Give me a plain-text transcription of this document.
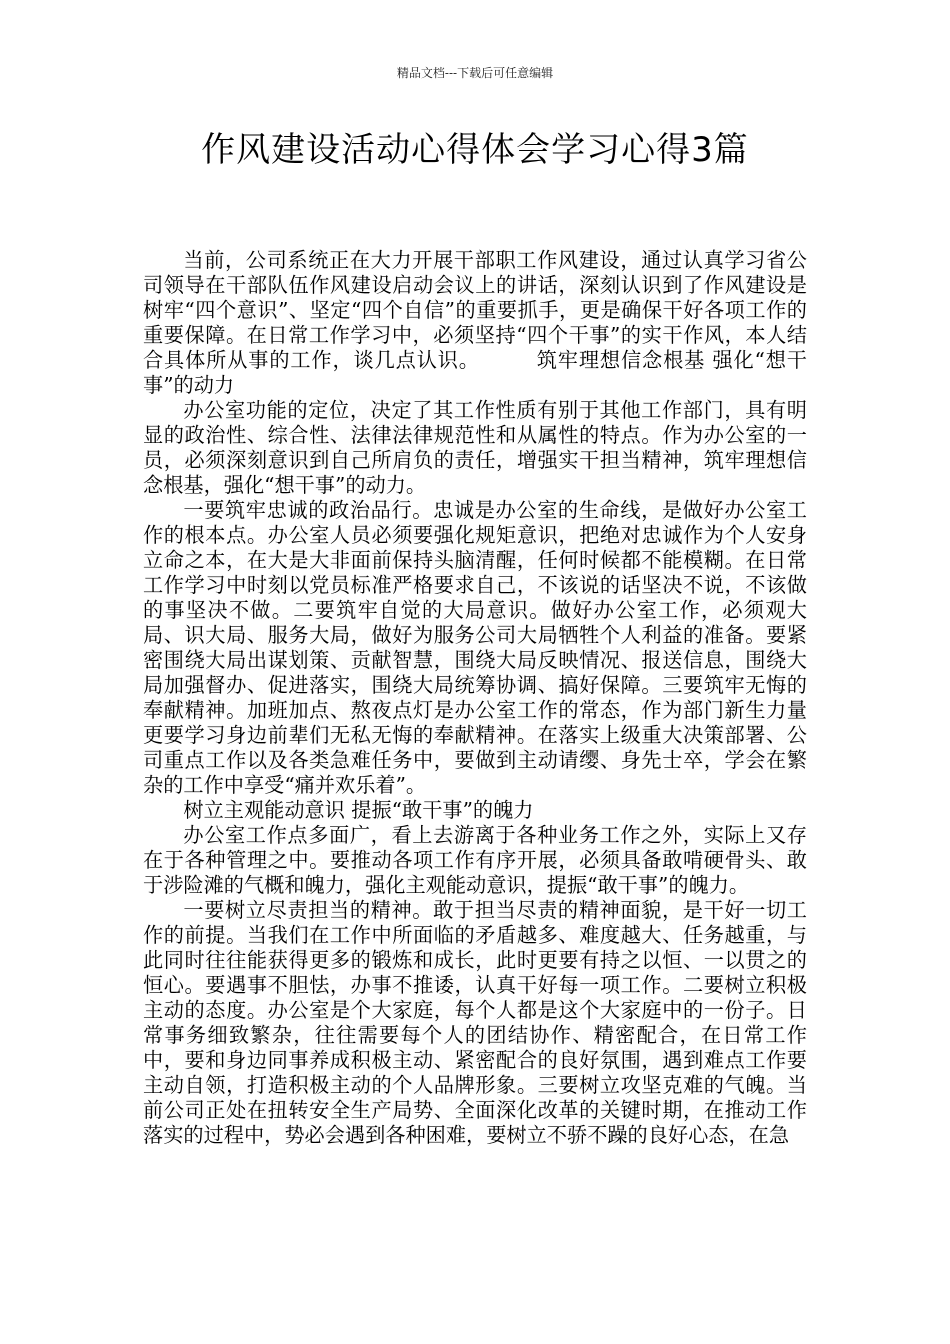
精品文档---下载后可任意编辑
作风建设活动心得体会学习心得3篇

当前，公司系统正在大力开展干部职工作风建设，通过认真学习省公司领导在干部队伍作风建设启动会议上的讲话，深刻认识到了作风建设是树牢“四个意识”、坚定“四个自信”的重要抓手，更是确保干好各项工作的重要保障。在日常工作学习中，必须坚持“四个干事”的实干作风，本人结合具体所从事的工作，谈几点认识。	筑牢理想信念根基 强化“想干事”的动力

办公室功能的定位，决定了其工作性质有别于其他工作部门，具有明显的政治性、综合性、法律法律规范性和从属性的特点。作为办公室的一员，必须深刻意识到自己所肩负的责任，增强实干担当精神，筑牢理想信念根基，强化“想干事”的动力。

一要筑牢忠诚的政治品行。忠诚是办公室的生命线，是做好办公室工作的根本点。办公室人员必须要强化规矩意识，把绝对忠诚作为个人安身立命之本，在大是大非面前保持头脑清醒，任何时候都不能模糊。在日常工作学习中时刻以党员标准严格要求自己，不该说的话坚决不说，不该做的事坚决不做。二要筑牢自觉的大局意识。做好办公室工作，必须观大局、识大局、服务大局，做好为服务公司大局牺牲个人利益的准备。要紧密围绕大局出谋划策、贡献智慧，围绕大局反映情况、报送信息，围绕大局加强督办、促进落实，围绕大局统筹协调、搞好保障。三要筑牢无悔的奉献精神。加班加点、熬夜点灯是办公室工作的常态，作为部门新生力量更要学习身边前辈们无私无悔的奉献精神。在落实上级重大决策部署、公司重点工作以及各类急难任务中，要做到主动请缨、身先士卒，学会在繁杂的工作中享受“痛并欢乐着”。

树立主观能动意识 提振“敢干事”的魄力

办公室工作点多面广，看上去游离于各种业务工作之外，实际上又存在于各种管理之中。要推动各项工作有序开展，必须具备敢啃硬骨头、敢于涉险滩的气概和魄力，强化主观能动意识，提振“敢干事”的魄力。

一要树立尽责担当的精神。敢于担当尽责的精神面貌，是干好一切工作的前提。当我们在工作中所面临的矛盾越多、难度越大、任务越重，与此同时往往能获得更多的锻炼和成长，此时更要有持之以恒、一以贯之的恒心。要遇事不胆怯，办事不推诿，认真干好每一项工作。二要树立积极主动的态度。办公室是个大家庭，每个人都是这个大家庭中的一份子。日常事务细致繁杂，往往需要每个人的团结协作、精密配合，在日常工作中，要和身边同事养成积极主动、紧密配合的良好氛围，遇到难点工作要主动自领，打造积极主动的个人品牌形象。三要树立攻坚克难的气魄。当前公司正处在扭转安全生产局势、全面深化改革的关键时期，在推动工作落实的过程中，势必会遇到各种困难，要树立不骄不躁的良好心态，在急
